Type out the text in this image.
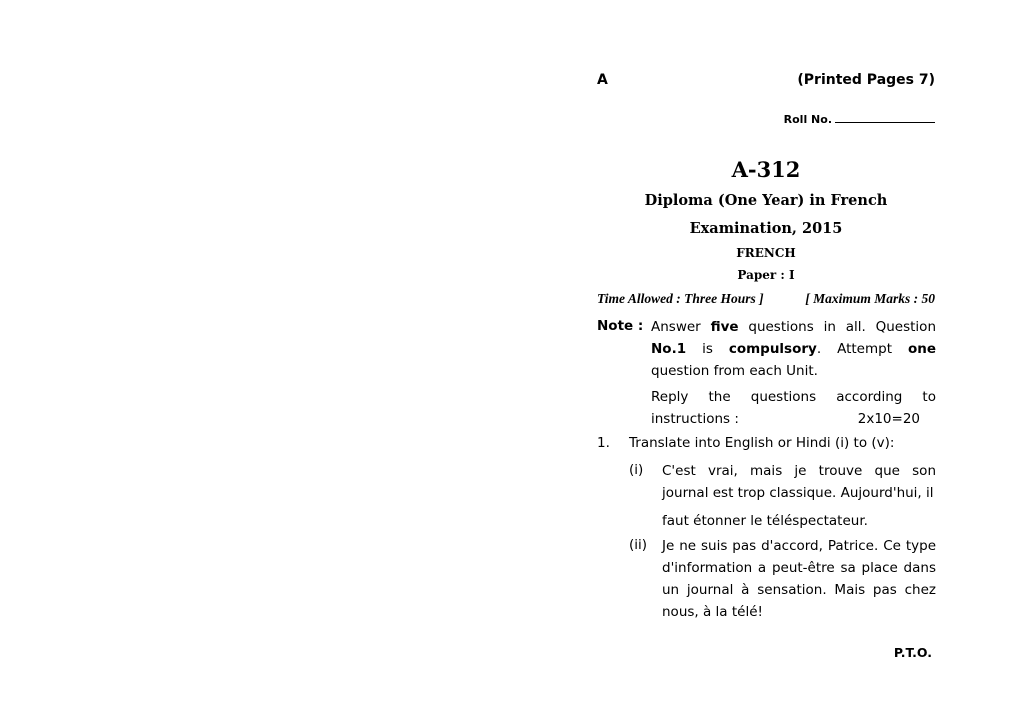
A	(Printed Pages 7)
Roll No.
A-312
Diploma (One Year) in French
Examination, 2015
FRENCH
Paper : I
Time Allowed : Three Hours ]	[ Maximum Marks : 50
Note : Answer five questions in all. Question No.1 is compulsory. Attempt one question from each Unit.
Reply the questions according to instructions :	2x10=20
1. Translate into English or Hindi (i) to (v):
(i) C'est vrai, mais je trouve que son journal est trop classique. Aujourd'hui, il
faut étonner le téléspectateur.
(ii) Je ne suis pas d'accord, Patrice. Ce type d'information a peut-être sa place dans un journal à sensation. Mais pas chez nous, à la télé!
P.T.O.
